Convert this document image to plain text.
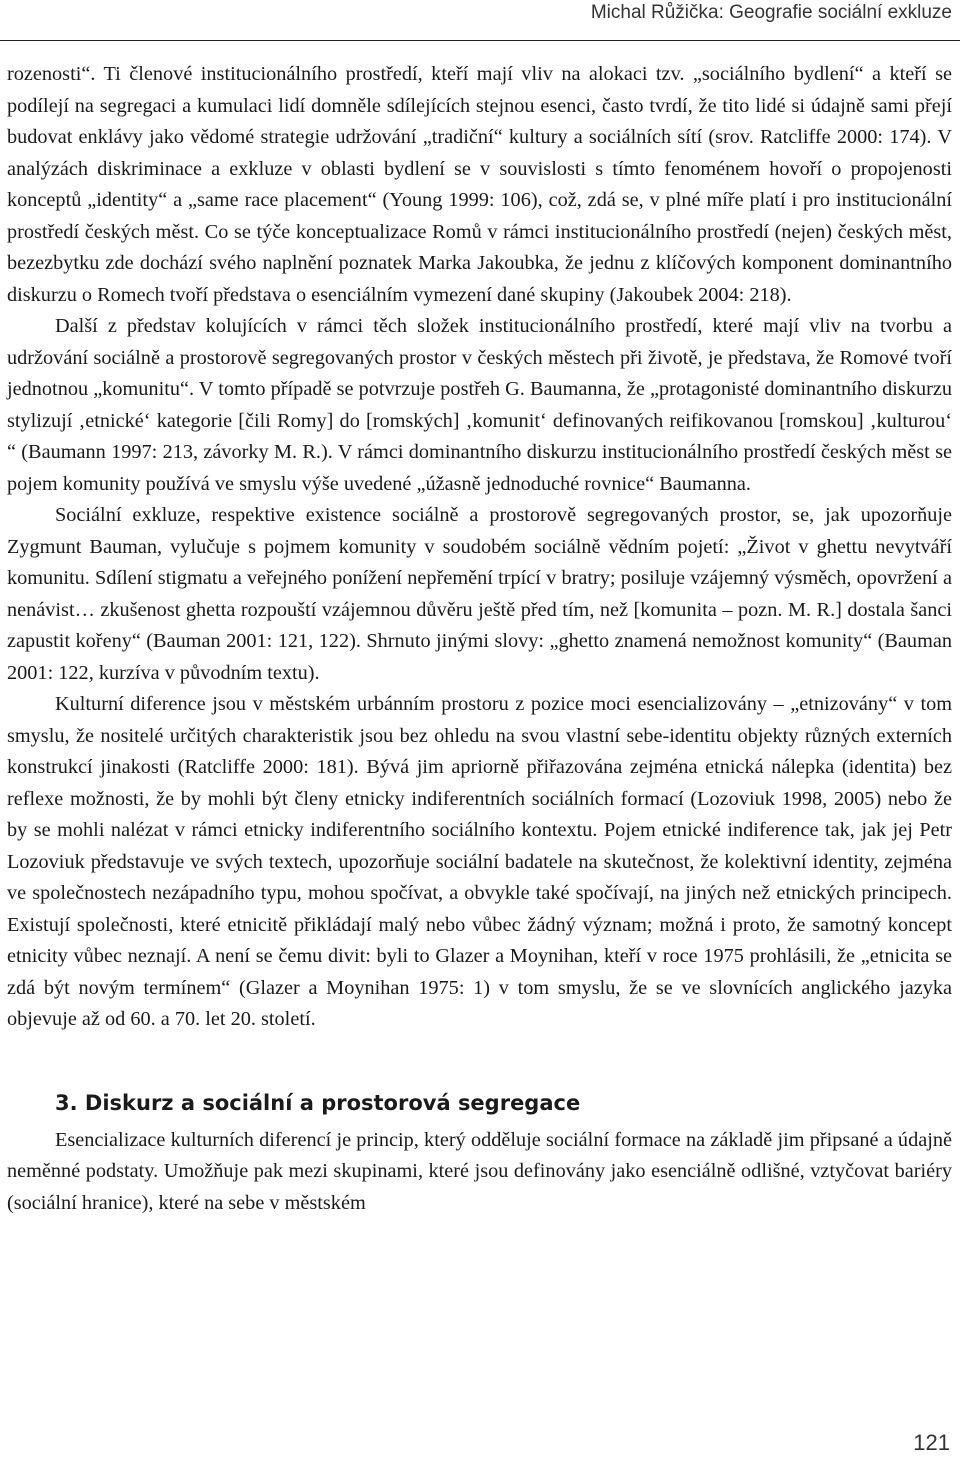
Michal Růžička: Geografie sociální exkluze

rozenosti“. Ti členové institucionálního prostředí, kteří mají vliv na alokaci tzv. „sociálního bydlení“ a kteří se podílejí na segregaci a kumulaci lidí domněle sdílejících stejnou esenci, často tvrdí, že tito lidé si údajně sami přejí budovat enklávy jako vědomé strategie udržování „tradiční“ kultury a sociálních sítí (srov. Ratcliffe 2000: 174). V analýzách diskriminace a exkluze v oblasti bydlení se v souvislosti s tímto fenoménem hovoří o propojenosti konceptů „identity“ a „same race placement“ (Young 1999: 106), což, zdá se, v plné míře platí i pro institucionální prostředí českých měst. Co se týče konceptualizace Romů v rámci institucionálního prostředí (nejen) českých měst, bezezbytku zde dochází svého naplnění poznatek Marka Jakoubka, že jednu z klíčových komponent dominantního diskurzu o Romech tvoří představa o esenciálním vymezení dané skupiny (Jakoubek 2004: 218).

Další z představ kolujících v rámci těch složek institucionálního prostředí, které mají vliv na tvorbu a udržování sociálně a prostorově segregovaných prostor v českých městech při životě, je představa, že Romové tvoří jednotnou „komunitu“. V tomto případě se potvrzuje postřeh G. Baumanna, že „protagonisté dominantního diskurzu stylizují ‚etnické‘ kategorie [čili Romy] do [romských] ‚komunit‘ definovaných reifikovanou [romskou] ‚kulturou‘ “ (Baumann 1997: 213, závorky M. R.). V rámci dominantního diskurzu institucionálního prostředí českých měst se pojem komunity používá ve smyslu výše uvedené „úžasně jednoduché rovnice“ Baumanna.

Sociální exkluze, respektive existence sociálně a prostorově segregovaných prostor, se, jak upozorňuje Zygmunt Bauman, vylučuje s pojmem komunity v soudobém sociálně vědním pojetí: „Život v ghettu nevytváří komunitu. Sdílení stigmatu a veřejného ponížení nepřemění trpící v bratry; posiluje vzájemný výsměch, opovržení a nenávist… zkušenost ghetta rozpouští vzájemnou důvěru ještě před tím, než [komunita – pozn. M. R.] dostala šanci zapustit kořeny“ (Bauman 2001: 121, 122). Shrnuto jinými slovy: „ghetto znamená nemožnost komunity“ (Bauman 2001: 122, kurzíva v původním textu).

Kulturní diference jsou v městském urbánním prostoru z pozice moci esencializovány – „etnizovány“ v tom smyslu, že nositelé určitých charakteristik jsou bez ohledu na svou vlastní sebe-identitu objekty různých externích konstrukcí jinakosti (Ratcliffe 2000: 181). Bývá jim apriorně přiřazována zejména etnická nálepka (identita) bez reflexe možnosti, že by mohli být členy etnicky indiferentních sociálních formací (Lozoviuk 1998, 2005) nebo že by se mohli nalézat v rámci etnicky indiferentního sociálního kontextu. Pojem etnické indiference tak, jak jej Petr Lozoviuk představuje ve svých textech, upozorňuje sociální badatele na skutečnost, že kolektivní identity, zejména ve společnostech nezápadního typu, mohou spočívat, a obvykle také spočívají, na jiných než etnických principech. Existují společnosti, které etnicitě přikládají malý nebo vůbec žádný význam; možná i proto, že samotný koncept etnicity vůbec neznají. A není se čemu divit: byli to Glazer a Moynihan, kteří v roce 1975 prohlásili, že „etnicita se zdá být novým termínem“ (Glazer a Moynihan 1975: 1) v tom smyslu, že se ve slovnících anglického jazyka objevuje až od 60. a 70. let 20. století.

3. Diskurz a sociální a prostorová segregace

Esencializace kulturních diferencí je princip, který odděluje sociální formace na základě jim připsané a údajně neměnné podstaty. Umožňuje pak mezi skupinami, které jsou definovány jako esenciálně odlišné, vztyčovat bariéry (sociální hranice), které na sebe v městském

121
